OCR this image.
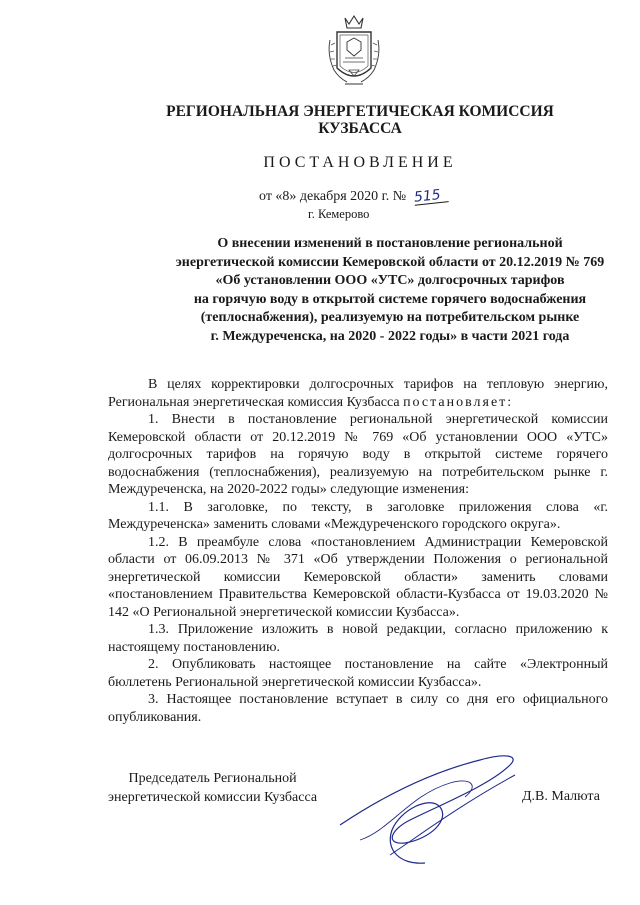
РЕГИОНАЛЬНАЯ ЭНЕРГЕТИЧЕСКАЯ КОМИССИЯ
КУЗБАССА
ПОСТАНОВЛЕНИЕ
от «8» декабря 2020 г. № 515
г. Кемерово
О внесении изменений в постановление региональной
энергетической комиссии Кемеровской области от 20.12.2019 № 769
«Об установлении ООО «УТС» долгосрочных тарифов
на горячую воду в открытой системе горячего водоснабжения
(теплоснабжения), реализуемую на потребительском рынке
г. Междуреченска, на 2020 - 2022 годы» в части 2021 года

В целях корректировки долгосрочных тарифов на тепловую энергию, Региональная энергетическая комиссия Кузбасса постановляет:

1. Внести в постановление региональной энергетической комиссии Кемеровской области от 20.12.2019 № 769 «Об установлении ООО «УТС» долгосрочных тарифов на горячую воду в открытой системе горячего водоснабжения (теплоснабжения), реализуемую на потребительском рынке г. Междуреченска, на 2020-2022 годы» следующие изменения:

1.1. В заголовке, по тексту, в заголовке приложения слова «г. Междуреченска» заменить словами «Междуреченского городского округа».

1.2. В преамбуле слова «постановлением Администрации Кемеровской области от 06.09.2013 № 371 «Об утверждении Положения о региональной энергетической комиссии Кемеровской области» заменить словами «постановлением Правительства Кемеровской области-Кузбасса от 19.03.2020 № 142 «О Региональной энергетической комиссии Кузбасса».

1.3. Приложение изложить в новой редакции, согласно приложению к настоящему постановлению.

2. Опубликовать настоящее постановление на сайте «Электронный бюллетень Региональной энергетической комиссии Кузбасса».

3. Настоящее постановление вступает в силу со дня его официального опубликования.

Председатель Региональной
энергетической комиссии Кузбасса	Д.В. Малюта
